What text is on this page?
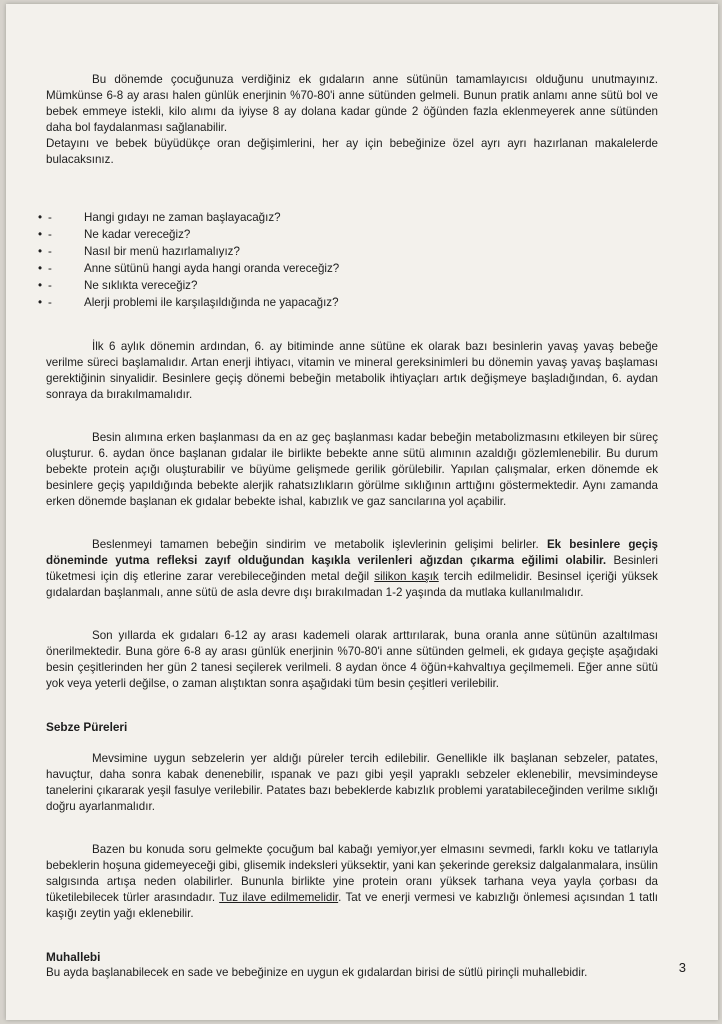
Bu dönemde çocuğunuza verdiğiniz ek gıdaların anne sütünün tamamlayıcısı olduğunu unutmayınız. Mümkünse 6-8 ay arası halen günlük enerjinin %70-80'i anne sütünden gelmeli. Bunun pratik anlamı anne sütü bol ve bebek emmeye istekli, kilo alımı da iyiyse 8 ay dolana kadar günde 2 öğünden fazla eklenmeyerek anne sütünden daha bol faydalanması sağlanabilir.

Detayını ve bebek büyüdükçe oran değişimlerini, her ay için bebeğinize özel ayrı ayrı hazırlanan makalelerde bulacaksınız.

• -	Hangi gıdayı ne zaman başlayacağız?
• -	Ne kadar vereceğiz?
• -	Nasıl bir menü hazırlamalıyız?
• -	Anne sütünü hangi ayda hangi oranda vereceğiz?
• -	Ne sıklıkta vereceğiz?
• -	Alerji problemi ile karşılaşıldığında ne yapacağız?

İlk 6 aylık dönemin ardından, 6. ay bitiminde anne sütüne ek olarak bazı besinlerin yavaş yavaş bebeğe verilme süreci başlamalıdır. Artan enerji ihtiyacı, vitamin ve mineral gereksinimleri bu dönemin yavaş yavaş başlaması gerektiğinin sinyalidir. Besinlere geçiş dönemi bebeğin metabolik ihtiyaçları artık değişmeye başladığından, 6. aydan sonraya da bırakılmamalıdır.

Besin alımına erken başlanması da en az geç başlanması kadar bebeğin metabolizmasını etkileyen bir süreç oluşturur. 6. aydan önce başlanan gıdalar ile birlikte bebekte anne sütü alımının azaldığı gözlemlenebilir. Bu durum bebekte protein açığı oluşturabilir ve büyüme gelişmede gerilik görülebilir. Yapılan çalışmalar, erken dönemde ek besinlere geçiş yapıldığında bebekte alerjik rahatsızlıkların görülme sıklığının arttığını göstermektedir. Aynı zamanda erken dönemde başlanan ek gıdalar bebekte ishal, kabızlık ve gaz sancılarına yol açabilir.

Beslenmeyi tamamen bebeğin sindirim ve metabolik işlevlerinin gelişimi belirler. Ek besinlere geçiş döneminde yutma refleksi zayıf olduğundan kaşıkla verilenleri ağızdan çıkarma eğilimi olabilir. Besinleri tüketmesi için diş etlerine zarar verebileceğinden metal değil silikon kaşık tercih edilmelidir. Besinsel içeriği yüksek gıdalardan başlanmalı, anne sütü de asla devre dışı bırakılmadan 1-2 yaşında da mutlaka kullanılmalıdır.

Son yıllarda ek gıdaları 6-12 ay arası kademeli olarak arttırılarak, buna oranla anne sütünün azaltılması önerilmektedir. Buna göre 6-8 ay arası günlük enerjinin %70-80'i anne sütünden gelmeli, ek gıdaya geçişte aşağıdaki besin çeşitlerinden her gün 2 tanesi seçilerek verilmeli. 8 aydan önce 4 öğün+kahvaltıya geçilmemeli. Eğer anne sütü yok veya yeterli değilse, o zaman alıştıktan sonra aşağıdaki tüm besin çeşitleri verilebilir.

Sebze Püreleri

Mevsimine uygun sebzelerin yer aldığı püreler tercih edilebilir. Genellikle ilk başlanan sebzeler, patates, havuçtur, daha sonra kabak denenebilir, ıspanak ve pazı gibi yeşil yapraklı sebzeler eklenebilir, mevsimindeyse tanelerini çıkararak yeşil fasulye verilebilir. Patates bazı bebeklerde kabızlık problemi yaratabileceğinden verilme sıklığı doğru ayarlanmalıdır.

Bazen bu konuda soru gelmekte çocuğum bal kabağı yemiyor,yer elmasını sevmedi, farklı koku ve tatlarıyla bebeklerin hoşuna gidemeyeceği gibi, glisemik indeksleri yüksektir, yani kan şekerinde gereksiz dalgalanmalara, insülin salgısında artışa neden olabilirler. Bununla birlikte yine protein oranı yüksek tarhana veya yayla çorbası da tüketilebilecek türler arasındadır. Tuz ilave edilmemelidir. Tat ve enerji vermesi ve kabızlığı önlemesi açısından 1 tatlı kaşığı zeytin yağı eklenebilir.

Muhallebi

Bu ayda başlanabilecek en sade ve bebeğinize en uygun ek gıdalardan birisi de sütlü pirinçli muhallebidir.	3
